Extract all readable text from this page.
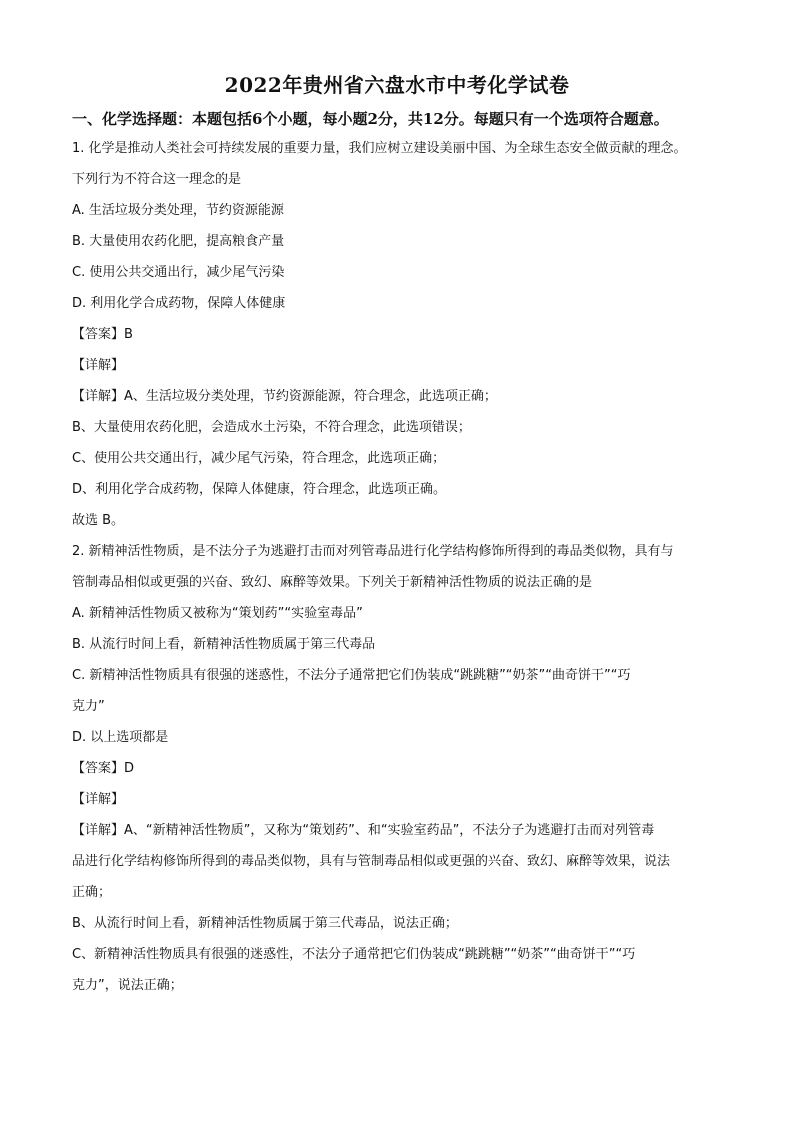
2022年贵州省六盘水市中考化学试卷
一、化学选择题：本题包括6个小题，每小题2分，共12分。每题只有一个选项符合题意。
1. 化学是推动人类社会可持续发展的重要力量，我们应树立建设美丽中国、为全球生态安全做贡献的理念。
下列行为不符合这一理念的是
A. 生活垃圾分类处理，节约资源能源
B. 大量使用农药化肥，提高粮食产量
C. 使用公共交通出行，减少尾气污染
D. 利用化学合成药物，保障人体健康
【答案】B
【详解】
【详解】A、生活垃圾分类处理，节约资源能源，符合理念，此选项正确；
B、大量使用农药化肥，会造成水土污染，不符合理念，此选项错误；
C、使用公共交通出行，减少尾气污染，符合理念，此选项正确；
D、利用化学合成药物，保障人体健康，符合理念，此选项正确。
故选 B。
2. 新精神活性物质，是不法分子为逃避打击而对列管毒品进行化学结构修饰所得到的毒品类似物，具有与
管制毒品相似或更强的兴奋、致幻、麻醉等效果。下列关于新精神活性物质的说法正确的是
A. 新精神活性物质又被称为“策划药”“实验室毒品”
B. 从流行时间上看，新精神活性物质属于第三代毒品
C. 新精神活性物质具有很强的迷惑性，不法分子通常把它们伪装成“跳跳糖”“奶茶”“曲奇饼干”“巧
克力”
D. 以上选项都是
【答案】D
【详解】
【详解】A、“新精神活性物质”，又称为“策划药”、和“实验室药品”，不法分子为逃避打击而对列管毒
品进行化学结构修饰所得到的毒品类似物，具有与管制毒品相似或更强的兴奋、致幻、麻醉等效果，说法
正确；
B、从流行时间上看，新精神活性物质属于第三代毒品，说法正确；
C、新精神活性物质具有很强的迷惑性，不法分子通常把它们伪装成“跳跳糖”“奶茶”“曲奇饼干”“巧
克力”，说法正确；
